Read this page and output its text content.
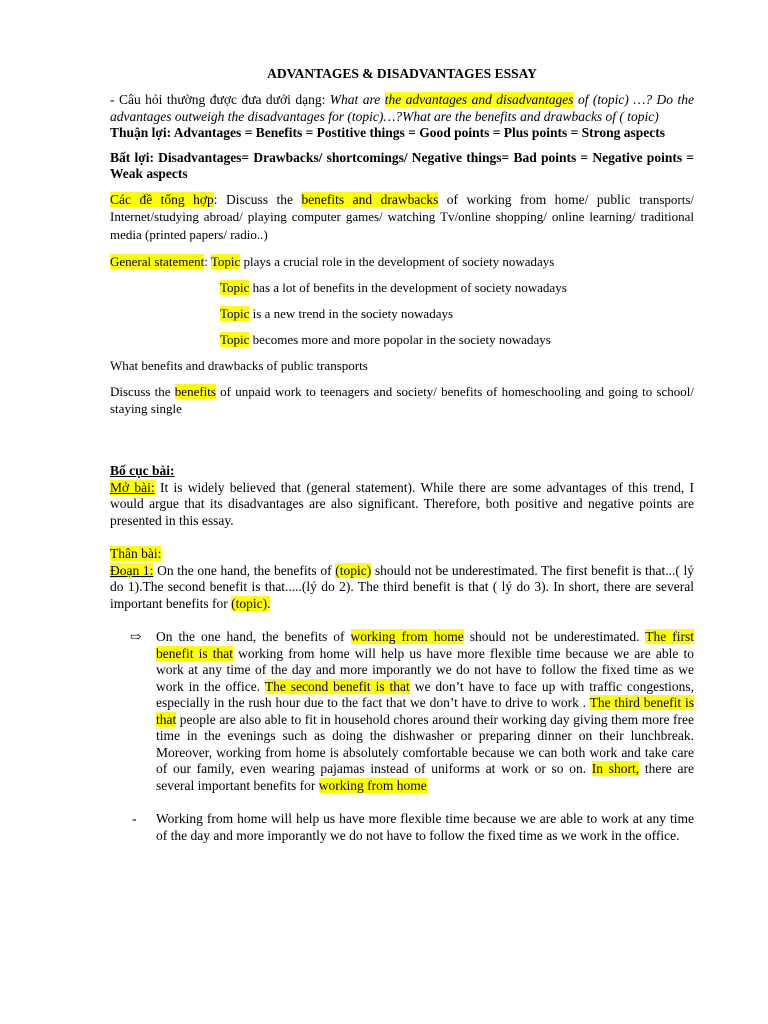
ADVANTAGES & DISADVANTAGES ESSAY

- Câu hỏi thường được đưa dưới dạng: What are the advantages and disadvantages of (topic) …? Do the advantages outweigh the disadvantages for (topic)…?What are the benefits and drawbacks of ( topic)

Thuận lợi: Advantages = Benefits = Postitive things = Good points = Plus points = Strong aspects

Bất lợi: Disadvantages= Drawbacks/ shortcomings/ Negative things= Bad points = Negative points = Weak aspects

Các đề tổng hợp: Discuss the benefits and drawbacks of working from home/ public transports/ Internet/studying abroad/ playing computer games/ watching Tv/online shopping/ online learning/ traditional media (printed papers/ radio..)

General statement: Topic plays a crucial role in the development of society nowadays

Topic has a lot of benefits in the development of society nowadays

Topic is a new trend in the society nowadays

Topic becomes more and more popolar in the society nowadays

What benefits and drawbacks of public transports

Discuss the benefits of unpaid work to teenagers and society/ benefits of homeschooling and going to school/ staying single

Bố cục bài:

Mở bài: It is widely believed that (general statement). While there are some advantages of this trend, I would argue that its disadvantages are also significant. Therefore, both positive and negative points are presented in this essay.

Thân bài:

Đoạn 1: On the one hand, the benefits of (topic) should not be underestimated. The first benefit is that...( lý do 1).The second benefit is that.....(lý do 2). The third benefit is that ( lý do 3). In short, there are several important benefits for (topic).

⇨ On the one hand, the benefits of working from home should not be underestimated. The first benefit is that working from home will help us have more flexible time because we are able to work at any time of the day and more imporantly we do not have to follow the fixed time as we work in the office. The second benefit is that we don’t have to face up with traffic congestions, especially in the rush hour due to the fact that we don’t have to drive to work . The third benefit is that people are also able to fit in household chores around their working day giving them more free time in the evenings such as doing the dishwasher or preparing dinner on their lunchbreak. Moreover, working from home is absolutely comfortable because we can both work and take care of our family, even wearing pajamas instead of uniforms at work or so on. In short, there are several important benefits for working from home

- Working from home will help us have more flexible time because we are able to work at any time of the day and more imporantly we do not have to follow the fixed time as we work in the office.
